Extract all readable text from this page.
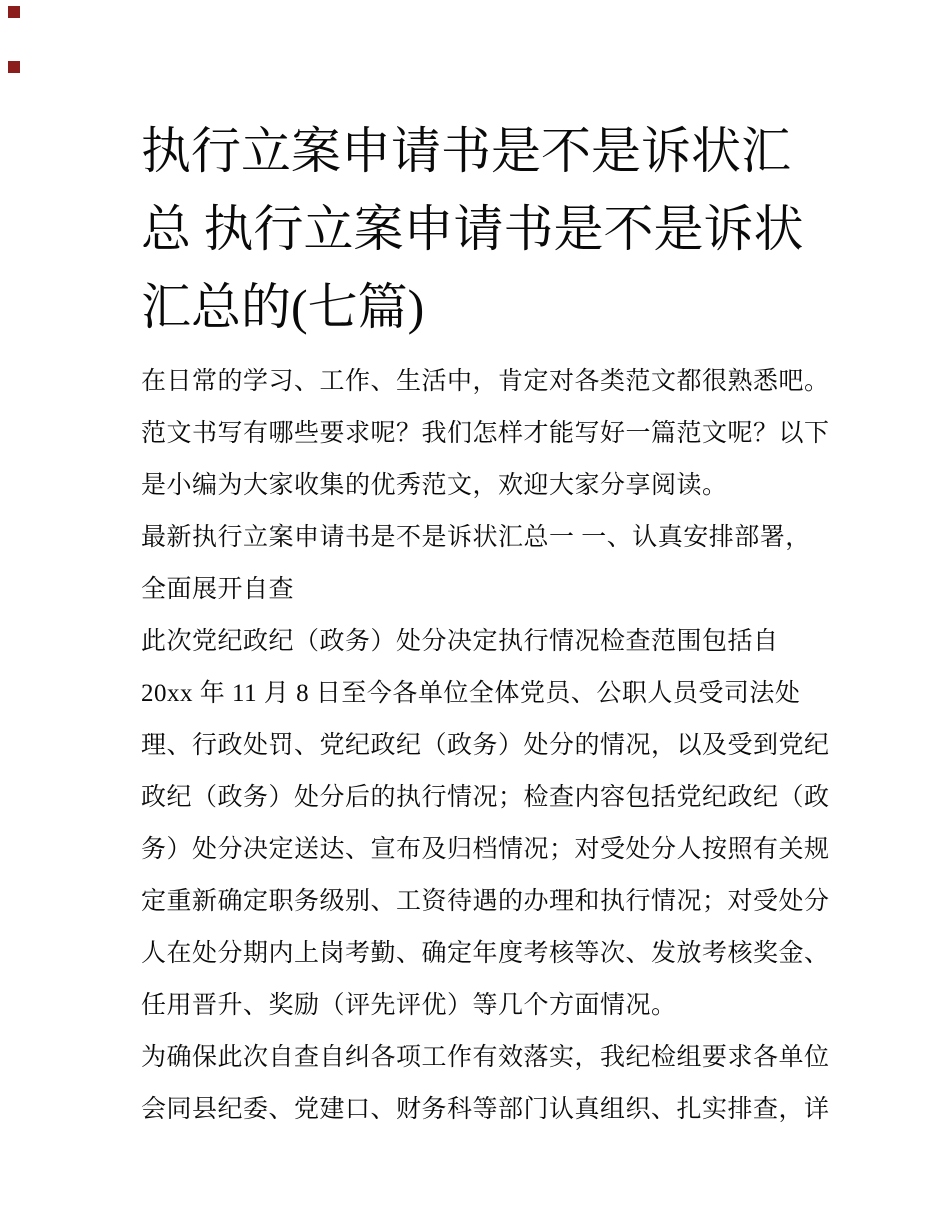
执行立案申请书是不是诉状汇
总 执行立案申请书是不是诉状
汇总的(七篇)
在日常的学习、工作、生活中，肯定对各类范文都很熟悉吧。
范文书写有哪些要求呢？我们怎样才能写好一篇范文呢？以下
是小编为大家收集的优秀范文，欢迎大家分享阅读。
最新执行立案申请书是不是诉状汇总一 一、认真安排部署，
全面展开自查
此次党纪政纪（政务）处分决定执行情况检查范围包括自
20xx 年 11 月 8 日至今各单位全体党员、公职人员受司法处
理、行政处罚、党纪政纪（政务）处分的情况，以及受到党纪
政纪（政务）处分后的执行情况；检查内容包括党纪政纪（政
务）处分决定送达、宣布及归档情况；对受处分人按照有关规
定重新确定职务级别、工资待遇的办理和执行情况；对受处分
人在处分期内上岗考勤、确定年度考核等次、发放考核奖金、
任用晋升、奖励（评先评优）等几个方面情况。
为确保此次自查自纠各项工作有效落实，我纪检组要求各单位
会同县纪委、党建口、财务科等部门认真组织、扎实排查，详
